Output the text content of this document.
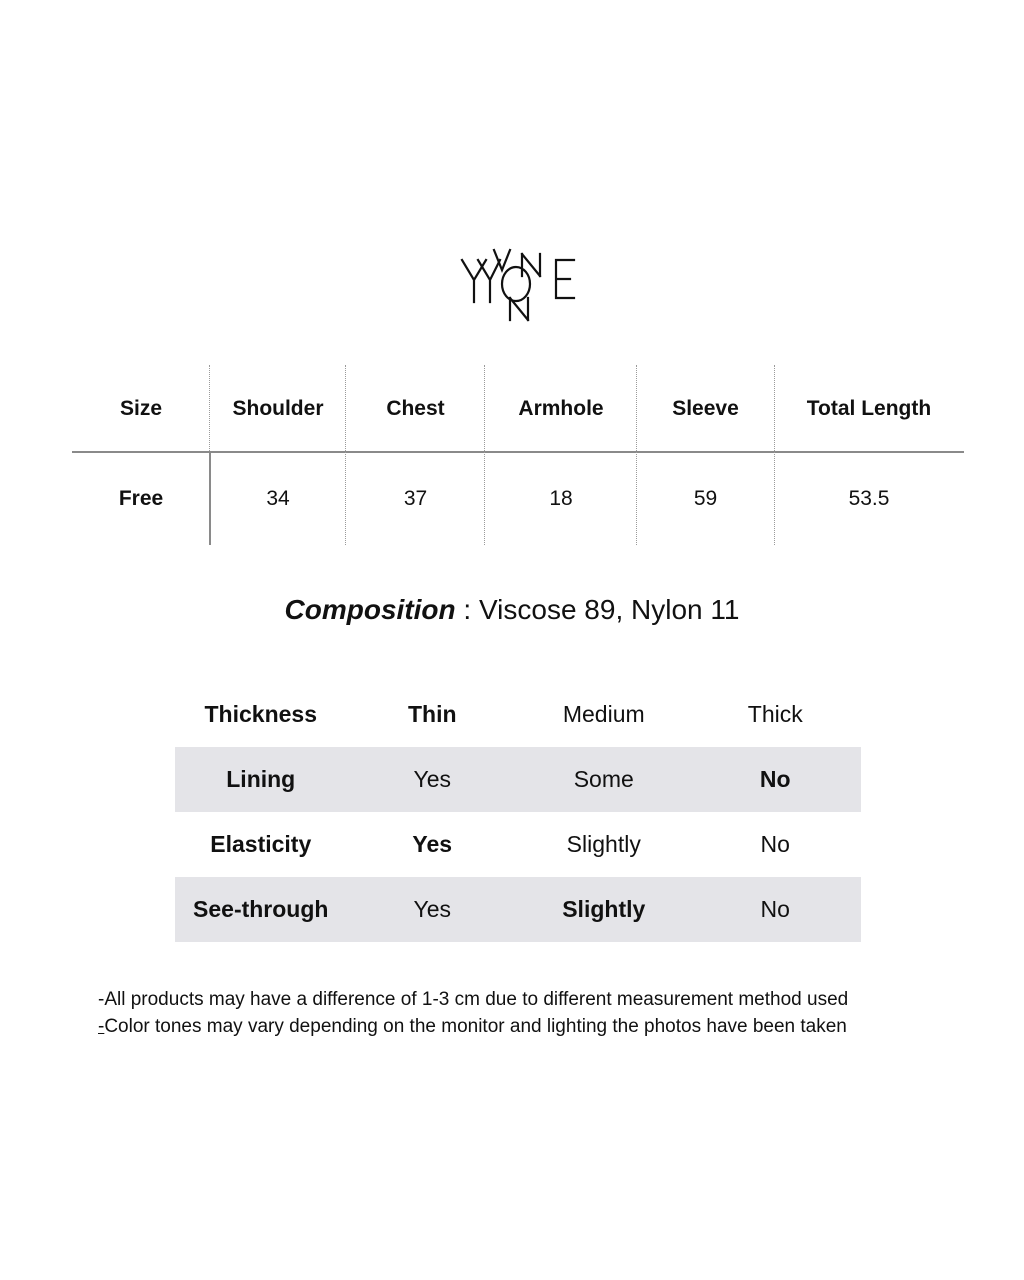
Size	Shoulder	Chest	Armhole	Sleeve	Total Length
Free	34	37	18	59	53.5
Composition : Viscose 89, Nylon 11
Thickness	Thin	Medium	Thick
Lining	Yes	Some	No
Elasticity	Yes	Slightly	No
See-through	Yes	Slightly	No
-All products may have a difference of 1-3 cm due to different measurement method used
-Color tones may vary depending on the monitor and lighting the photos have been taken
